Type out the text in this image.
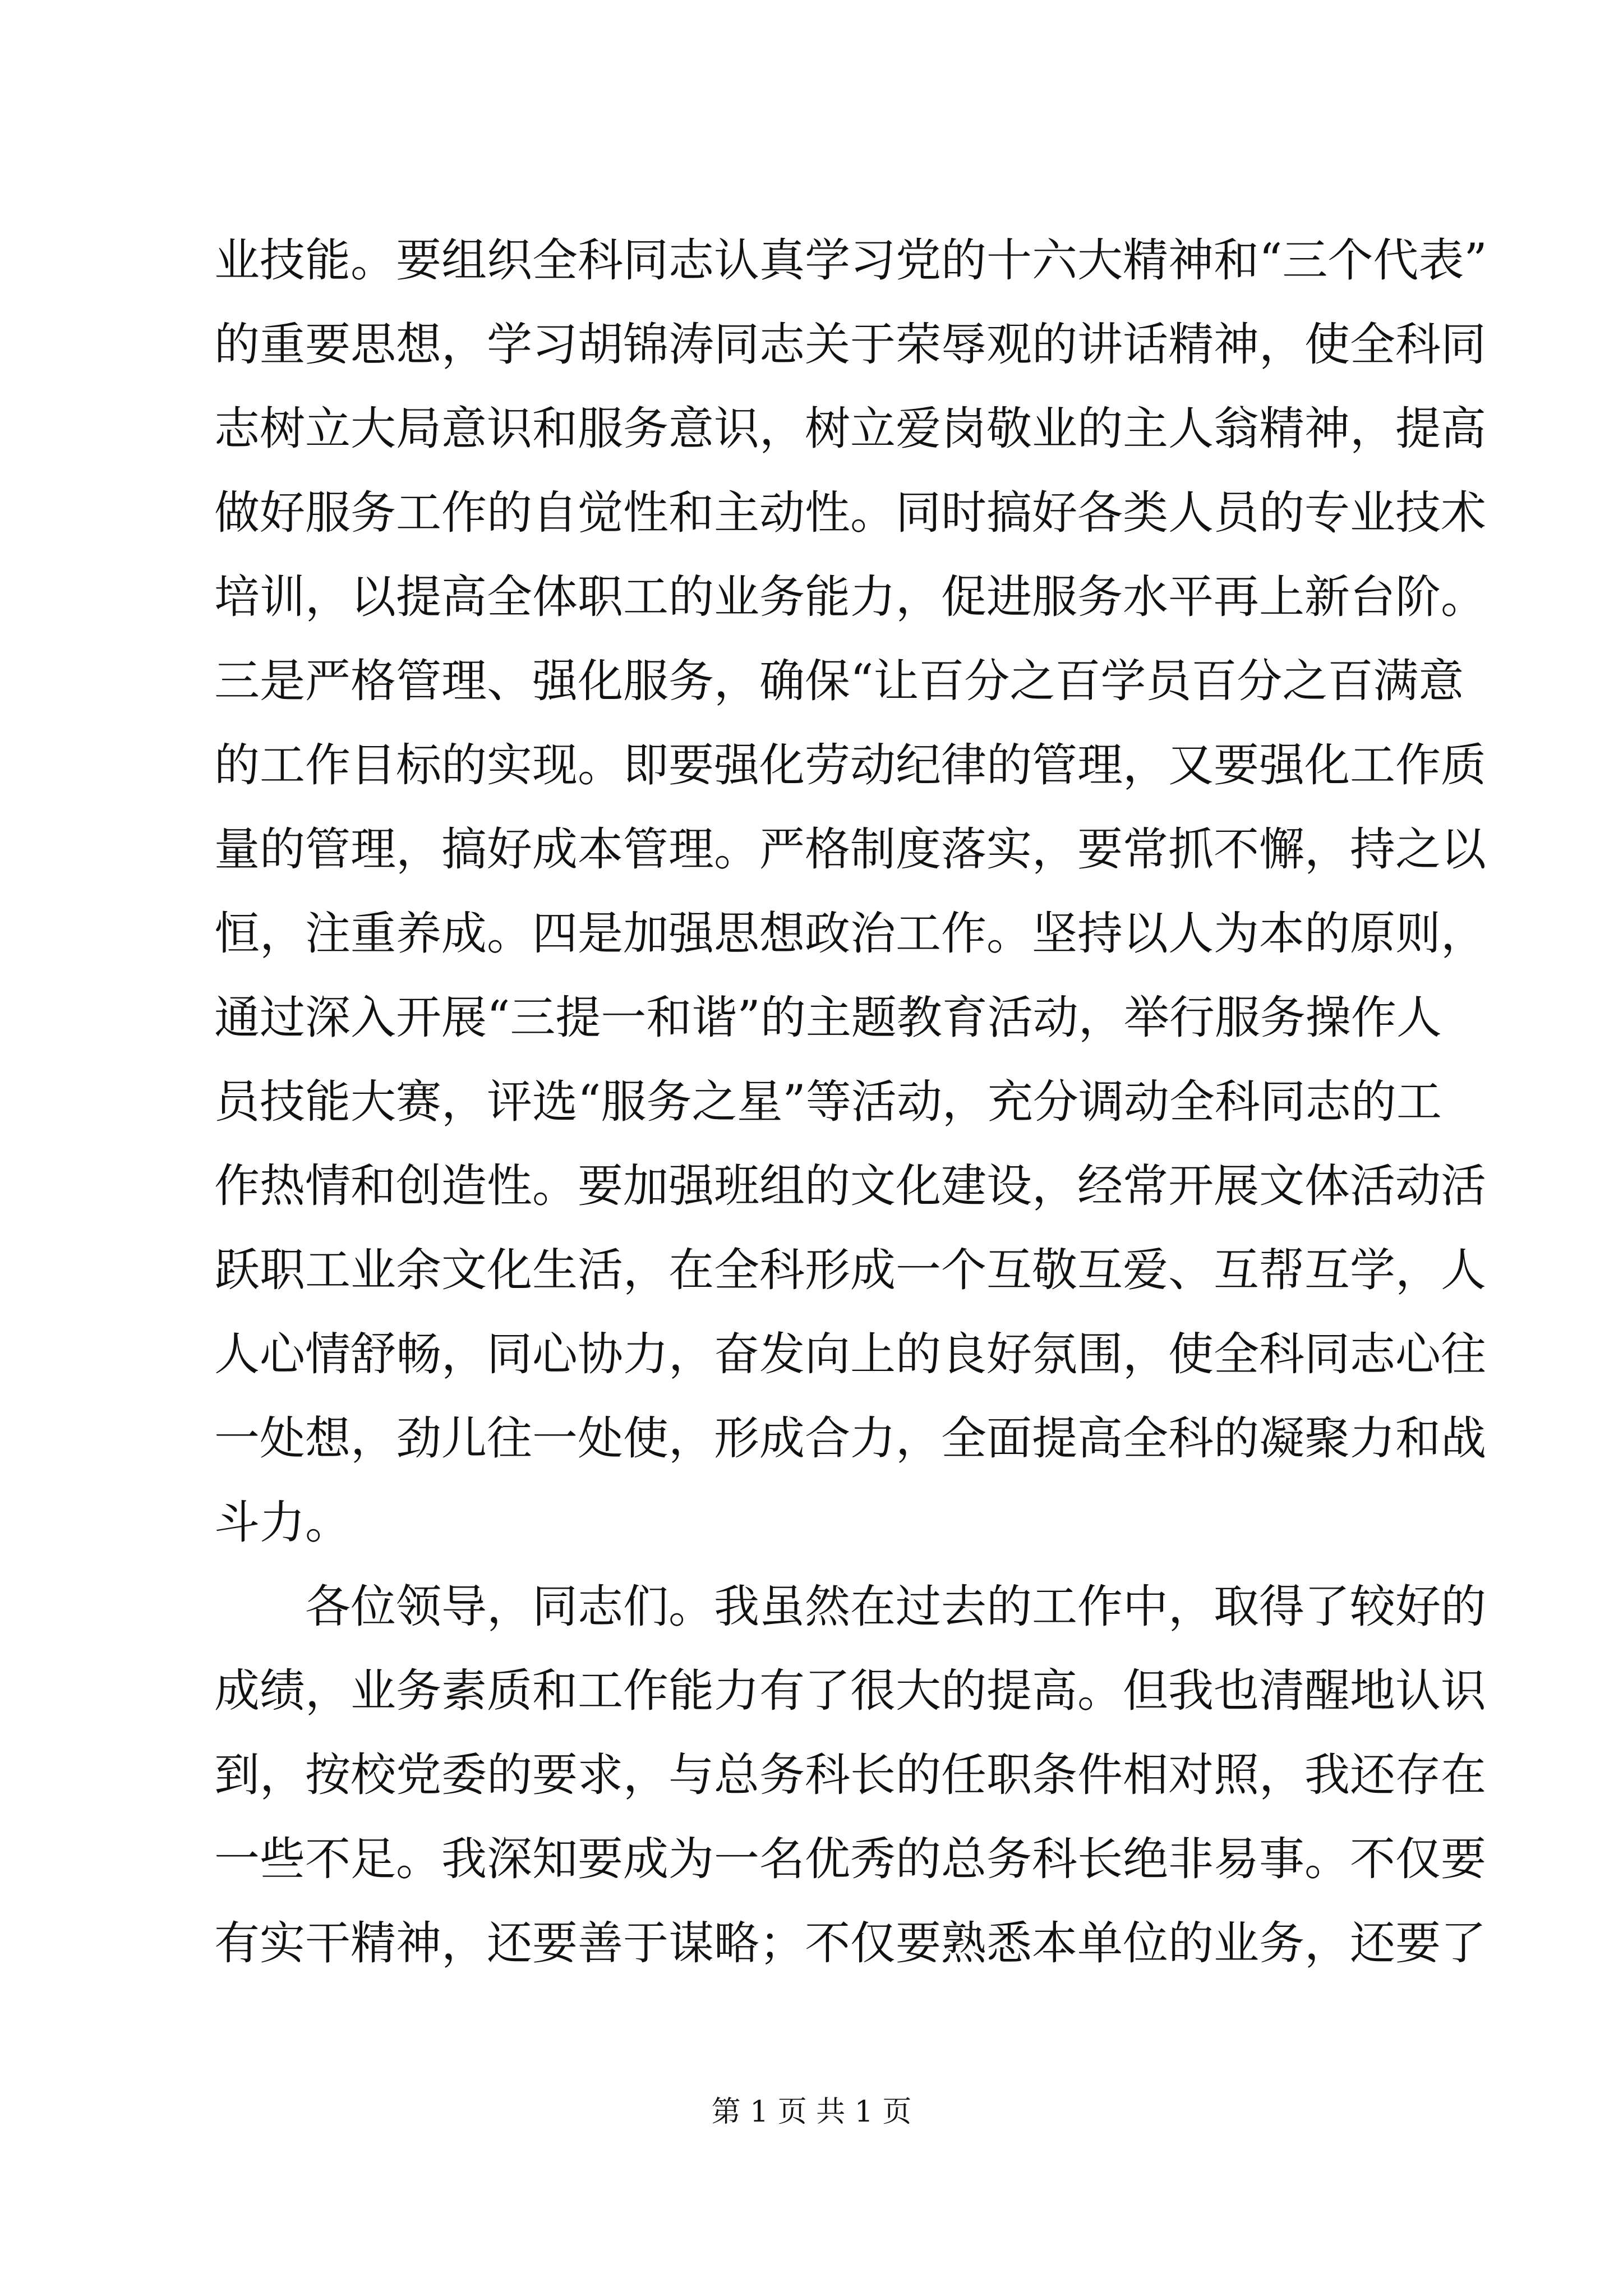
业技能。要组织全科同志认真学习党的十六大精神和“三个代表”
的重要思想，学习胡锦涛同志关于荣辱观的讲话精神，使全科同
志树立大局意识和服务意识，树立爱岗敬业的主人翁精神，提高
做好服务工作的自觉性和主动性。同时搞好各类人员的专业技术
培训，以提高全体职工的业务能力，促进服务水平再上新台阶。
三是严格管理、强化服务，确保“让百分之百学员百分之百满意
的工作目标的实现。即要强化劳动纪律的管理，又要强化工作质
量的管理，搞好成本管理。严格制度落实，要常抓不懈，持之以
恒，注重养成。四是加强思想政治工作。坚持以人为本的原则，
通过深入开展“三提一和谐”的主题教育活动，举行服务操作人
员技能大赛，评选“服务之星”等活动，充分调动全科同志的工
作热情和创造性。要加强班组的文化建设，经常开展文体活动活
跃职工业余文化生活，在全科形成一个互敬互爱、互帮互学，人
人心情舒畅，同心协力，奋发向上的良好氛围，使全科同志心往
一处想，劲儿往一处使，形成合力，全面提高全科的凝聚力和战
斗力。
各位领导，同志们。我虽然在过去的工作中，取得了较好的
成绩，业务素质和工作能力有了很大的提高。但我也清醒地认识
到，按校党委的要求，与总务科长的任职条件相对照，我还存在
一些不足。我深知要成为一名优秀的总务科长绝非易事。不仅要
有实干精神，还要善于谋略；不仅要熟悉本单位的业务，还要了
第 1 页 共 1 页
